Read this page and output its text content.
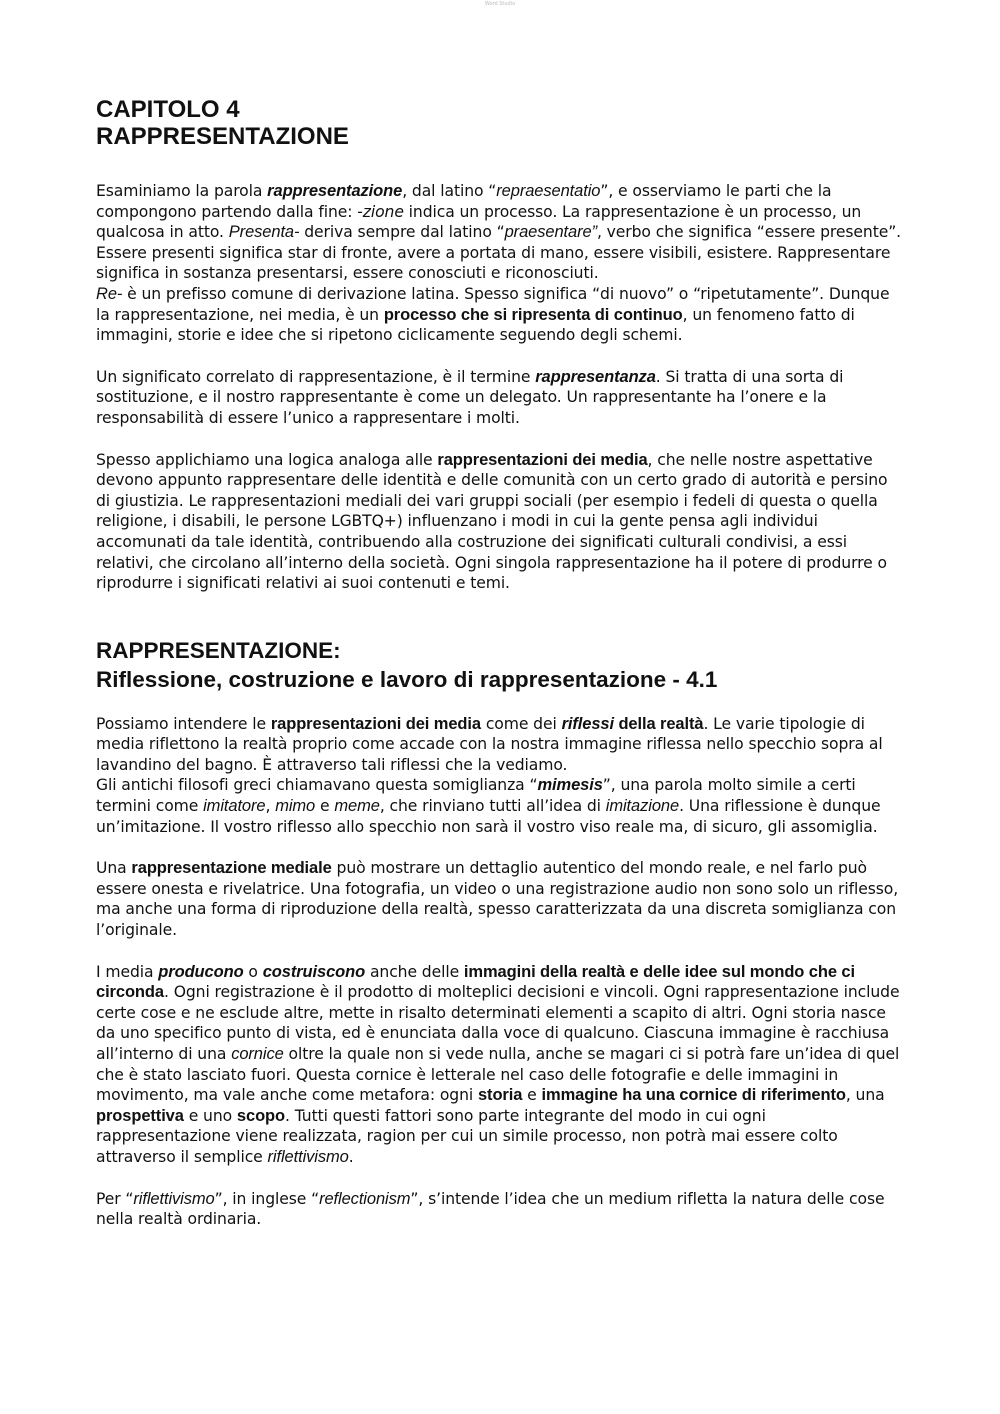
Word Studio
CAPITOLO 4
RAPPRESENTAZIONE

Esaminiamo la parola rappresentazione, dal latino “repraesentatio”, e osserviamo le parti che la compongono partendo dalla fine: -zione indica un processo. La rappresentazione è un processo, un qualcosa in atto. Presenta- deriva sempre dal latino “praesentare”, verbo che significa “essere presente”. Essere presenti significa star di fronte, avere a portata di mano, essere visibili, esistere. Rappresentare significa in sostanza presentarsi, essere conosciuti e riconosciuti.
Re- è un prefisso comune di derivazione latina. Spesso significa “di nuovo” o “ripetutamente”. Dunque la rappresentazione, nei media, è un processo che si ripresenta di continuo, un fenomeno fatto di immagini, storie e idee che si ripetono ciclicamente seguendo degli schemi.

Un significato correlato di rappresentazione, è il termine rappresentanza. Si tratta di una sorta di sostituzione, e il nostro rappresentante è come un delegato. Un rappresentante ha l’onere e la responsabilità di essere l’unico a rappresentare i molti.

Spesso applichiamo una logica analoga alle rappresentazioni dei media, che nelle nostre aspettative devono appunto rappresentare delle identità e delle comunità con un certo grado di autorità e persino di giustizia. Le rappresentazioni mediali dei vari gruppi sociali (per esempio i fedeli di questa o quella religione, i disabili, le persone LGBTQ+) influenzano i modi in cui la gente pensa agli individui accomunati da tale identità, contribuendo alla costruzione dei significati culturali condivisi, a essi relativi, che circolano all’interno della società. Ogni singola rappresentazione ha il potere di produrre o riprodurre i significati relativi ai suoi contenuti e temi.

RAPPRESENTAZIONE:
Riflessione, costruzione e lavoro di rappresentazione - 4.1

Possiamo intendere le rappresentazioni dei media come dei riflessi della realtà. Le varie tipologie di media riflettono la realtà proprio come accade con la nostra immagine riflessa nello specchio sopra al lavandino del bagno. È attraverso tali riflessi che la vediamo.
Gli antichi filosofi greci chiamavano questa somiglianza “mimesis”, una parola molto simile a certi termini come imitatore, mimo e meme, che rinviano tutti all’idea di imitazione. Una riflessione è dunque un’imitazione. Il vostro riflesso allo specchio non sarà il vostro viso reale ma, di sicuro, gli assomiglia.

Una rappresentazione mediale può mostrare un dettaglio autentico del mondo reale, e nel farlo può essere onesta e rivelatrice. Una fotografia, un video o una registrazione audio non sono solo un riflesso, ma anche una forma di riproduzione della realtà, spesso caratterizzata da una discreta somiglianza con l’originale.

I media producono o costruiscono anche delle immagini della realtà e delle idee sul mondo che ci circonda. Ogni registrazione è il prodotto di molteplici decisioni e vincoli. Ogni rappresentazione include certe cose e ne esclude altre, mette in risalto determinati elementi a scapito di altri. Ogni storia nasce da uno specifico punto di vista, ed è enunciata dalla voce di qualcuno. Ciascuna immagine è racchiusa all’interno di una cornice oltre la quale non si vede nulla, anche se magari ci si potrà fare un’idea di quel che è stato lasciato fuori. Questa cornice è letterale nel caso delle fotografie e delle immagini in movimento, ma vale anche come metafora: ogni storia e immagine ha una cornice di riferimento, una prospettiva e uno scopo. Tutti questi fattori sono parte integrante del modo in cui ogni rappresentazione viene realizzata, ragion per cui un simile processo, non potrà mai essere colto attraverso il semplice riflettivismo.

Per “riflettivismo”, in inglese “reflectionism”, s’intende l’idea che un medium rifletta la natura delle cose nella realtà ordinaria.
